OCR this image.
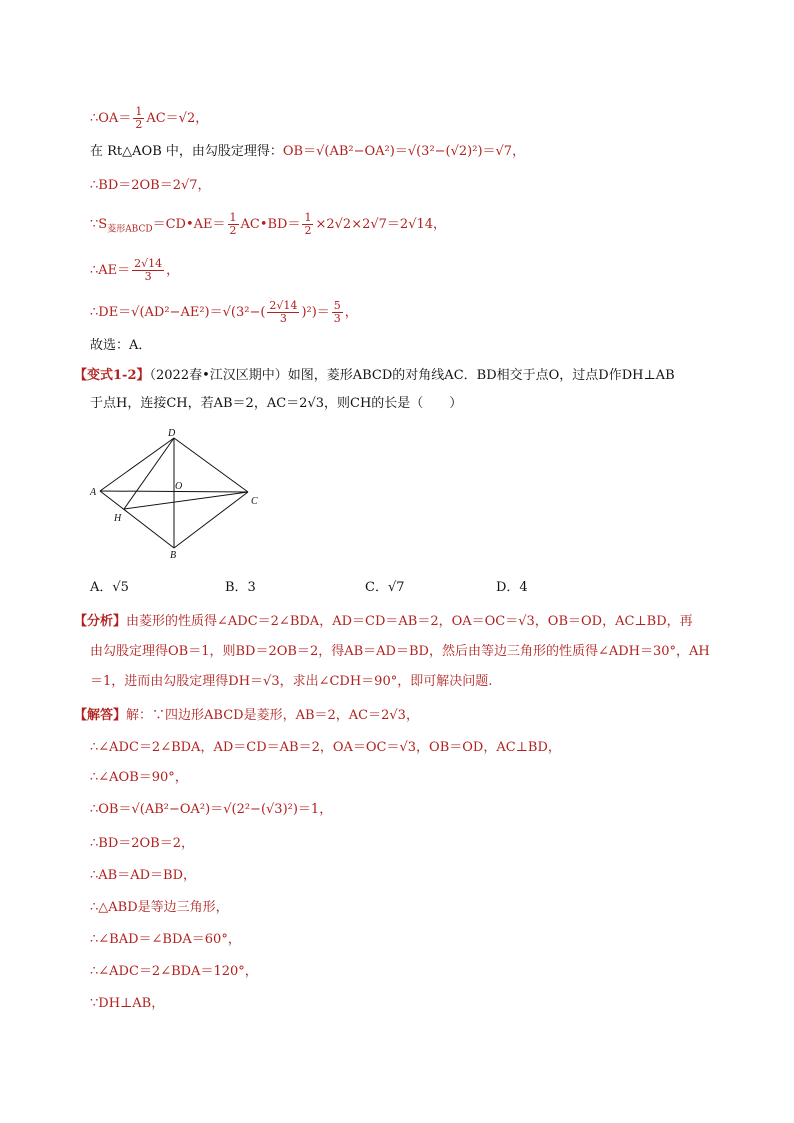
∴OA＝ $\frac{1}{2} AC=√2$，
在 Rt△AOB 中，由勾股定理得：OB＝√(AB²−OA²)＝√(3²−(√2)²)＝√7，
∴BD＝2OB＝2√7，
$\because S_{菱形ABCD}=CD•AE= \frac{1}{2}$ AC•BD＝ $\frac{1}{2} \times 2√2\times 2√7=2√14$，
∴AE＝ $\frac{2√14}{3}$ ，
∴DE＝√(AD²−AE²)＝√(3²−( $\frac{2√14}{3} )^2)= \frac{5}{3}$ ，
故选：A．
【变式1-2】（2022春•江汉区期中）如图，菱形ABCD的对角线AC．BD相交于点O，过点D作DH⊥AB
于点H，连接CH，若AB＝2，AC＝2√3，则CH的长是（　　）
D
A
C
B
O
H
A．√5	B．3	C．√7	D．4
【分析】由菱形的性质得∠ADC＝2∠BDA，AD＝CD＝AB＝2，OA＝OC＝√3，OB＝OD，AC⊥BD，再
由勾股定理得OB＝1，则BD＝2OB＝2，得AB＝AD＝BD，然后由等边三角形的性质得∠ADH＝30°，AH
＝1，进而由勾股定理得DH＝√3，求出∠CDH＝90°，即可解决问题.
【解答】解：∵四边形ABCD是菱形，AB＝2，AC＝2√3，
∴∠ADC＝2∠BDA，AD＝CD＝AB＝2，OA＝OC＝√3，OB＝OD，AC⊥BD，
∴∠AOB＝90°，
∴OB＝√(AB²−OA²)＝√(2²−(√3)²)＝1，
∴BD＝2OB＝2，
∴AB＝AD＝BD，
∴△ABD是等边三角形，
∴∠BAD＝∠BDA＝60°，
∴∠ADC＝2∠BDA＝120°，
∵DH⊥AB，
